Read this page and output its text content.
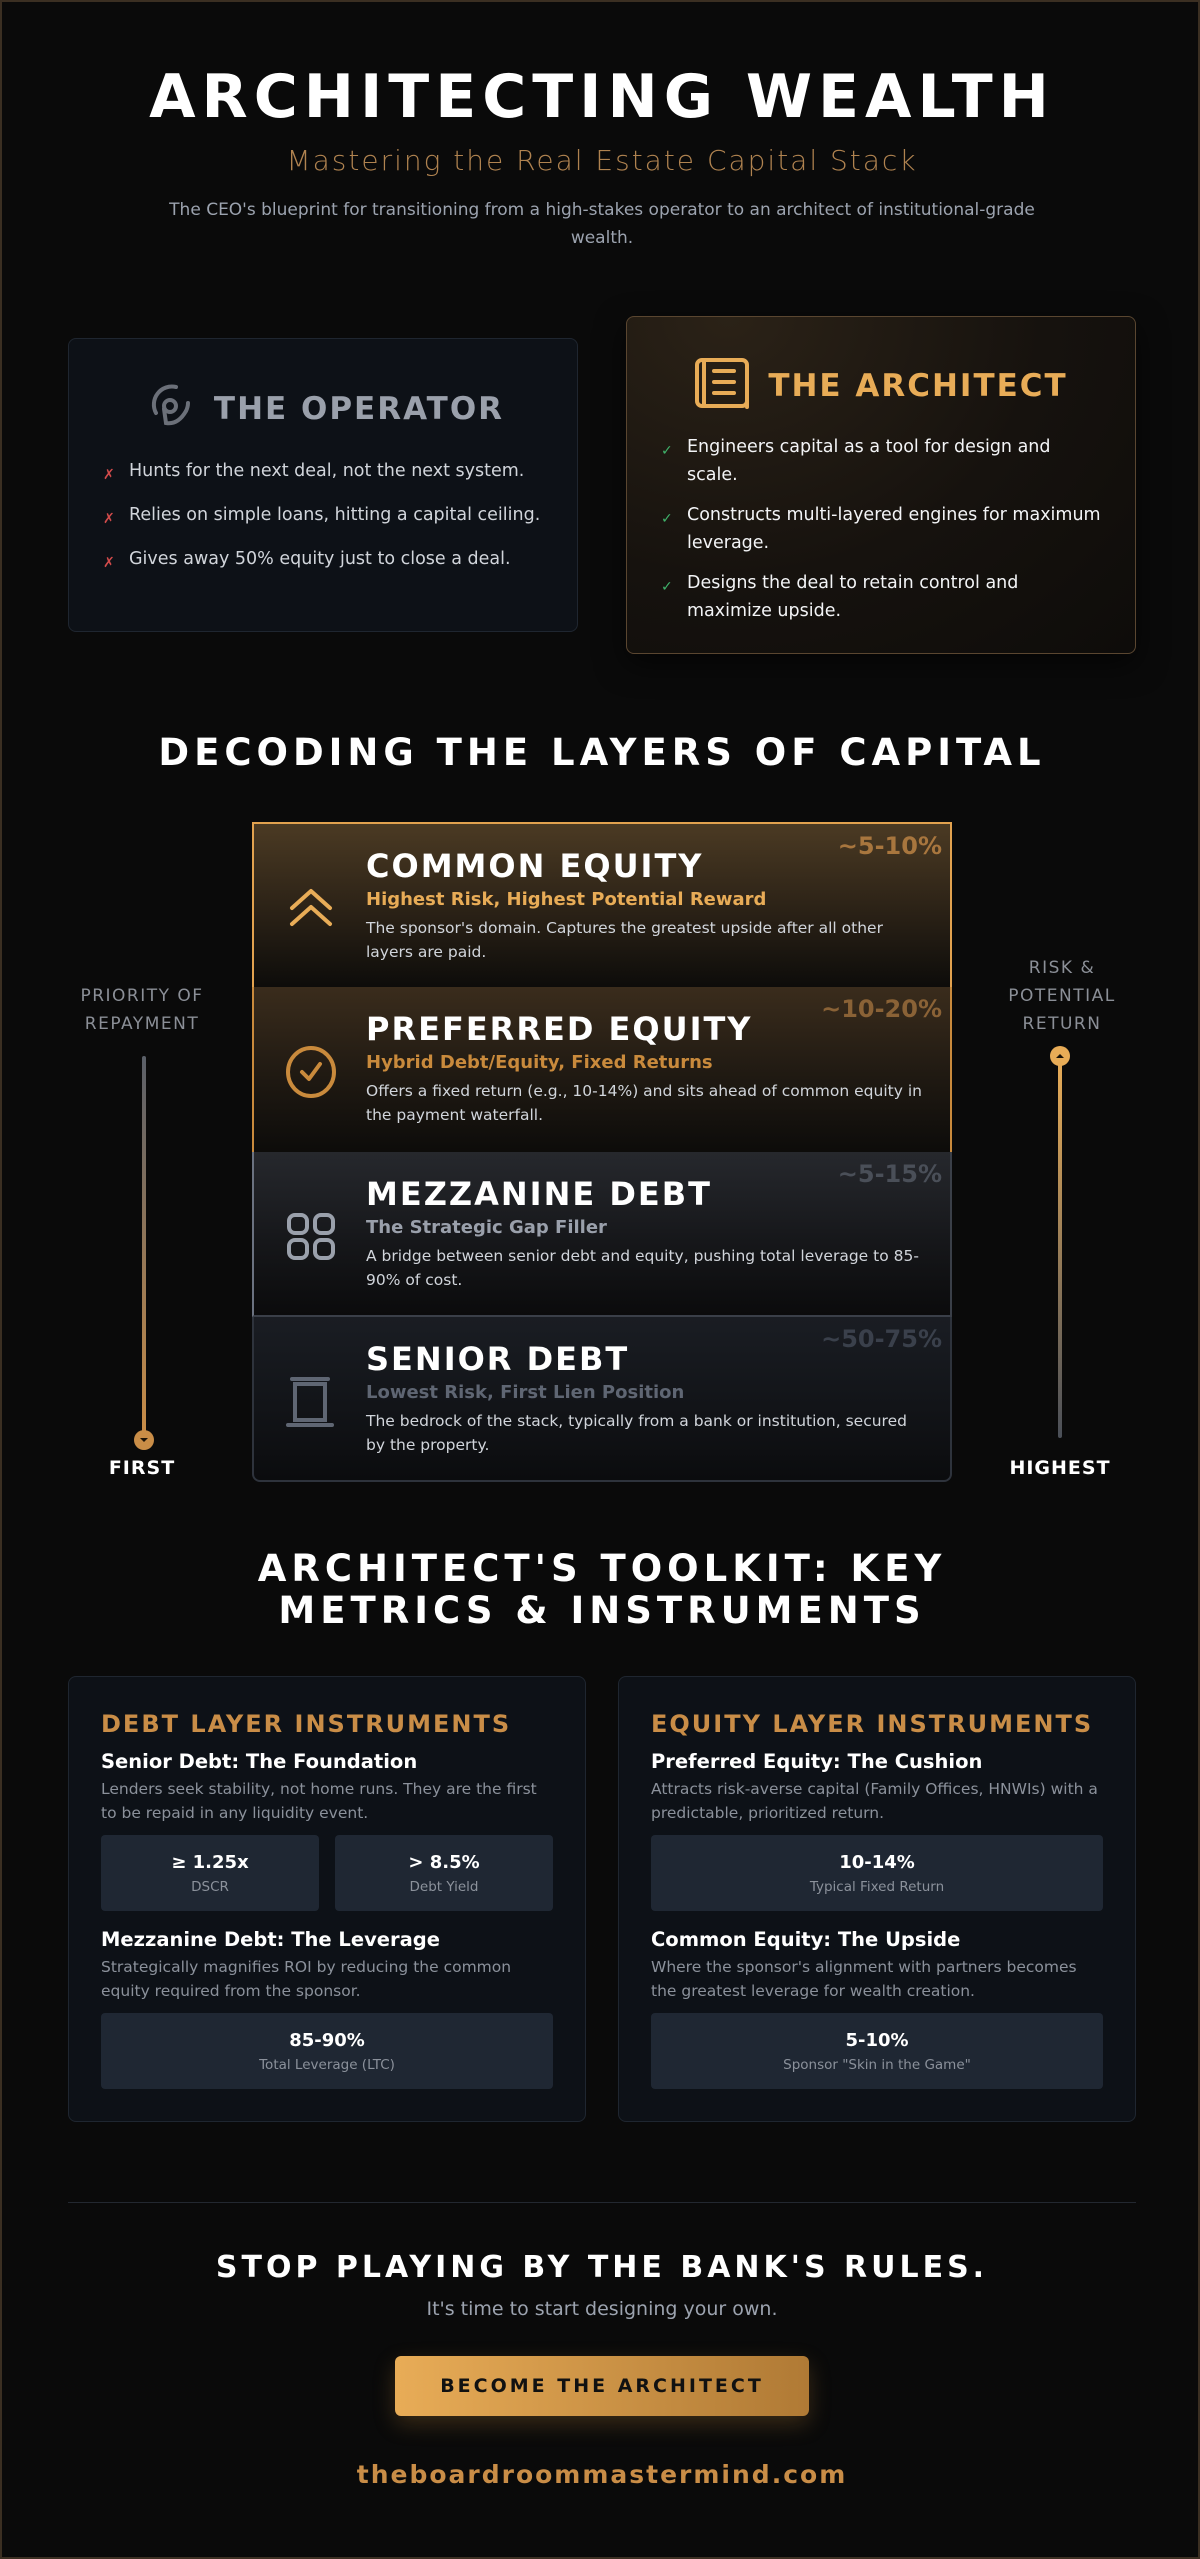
ARCHITECTING WEALTH
Mastering the Real Estate Capital Stack

The CEO's blueprint for transitioning from a high-stakes operator to an architect of institutional-grade wealth.

THE OPERATOR
✗ Hunts for the next deal, not the next system.
✗ Relies on simple loans, hitting a capital ceiling.
✗ Gives away 50% equity just to close a deal.
THE ARCHITECT
✓ Engineers capital as a tool for design and scale.
✓ Constructs multi-layered engines for maximum leverage.
✓ Designs the deal to retain control and maximize upside.
DECODING THE LAYERS OF CAPITAL
PRIORITY OF REPAYMENT
FIRST
RISK & POTENTIAL RETURN
HIGHEST
~5-10%
COMMON EQUITY
Highest Risk, Highest Potential Reward
The sponsor's domain. Captures the greatest upside after all other layers are paid.
~10-20%
PREFERRED EQUITY
Hybrid Debt/Equity, Fixed Returns
Offers a fixed return (e.g., 10-14%) and sits ahead of common equity in the payment waterfall.
~5-15%
MEZZANINE DEBT
The Strategic Gap Filler
A bridge between senior debt and equity, pushing total leverage to 85-90% of cost.
~50-75%
SENIOR DEBT
Lowest Risk, First Lien Position
The bedrock of the stack, typically from a bank or institution, secured by the property.
ARCHITECT'S TOOLKIT: KEY METRICS & INSTRUMENTS
DEBT LAYER INSTRUMENTS
Senior Debt: The Foundation
Lenders seek stability, not home runs. They are the first to be repaid in any liquidity event.
≥ 1.25x
DSCR
> 8.5%
Debt Yield
Mezzanine Debt: The Leverage
Strategically magnifies ROI by reducing the common equity required from the sponsor.
85-90%
Total Leverage (LTC)
EQUITY LAYER INSTRUMENTS
Preferred Equity: The Cushion
Attracts risk-averse capital (Family Offices, HNWIs) with a predictable, prioritized return.
10-14%
Typical Fixed Return
Common Equity: The Upside
Where the sponsor's alignment with partners becomes the greatest leverage for wealth creation.
5-10%
Sponsor "Skin in the Game"
STOP PLAYING BY THE BANK'S RULES.

It's time to start designing your own.

BECOME THE ARCHITECT
theboardroommastermind.com
